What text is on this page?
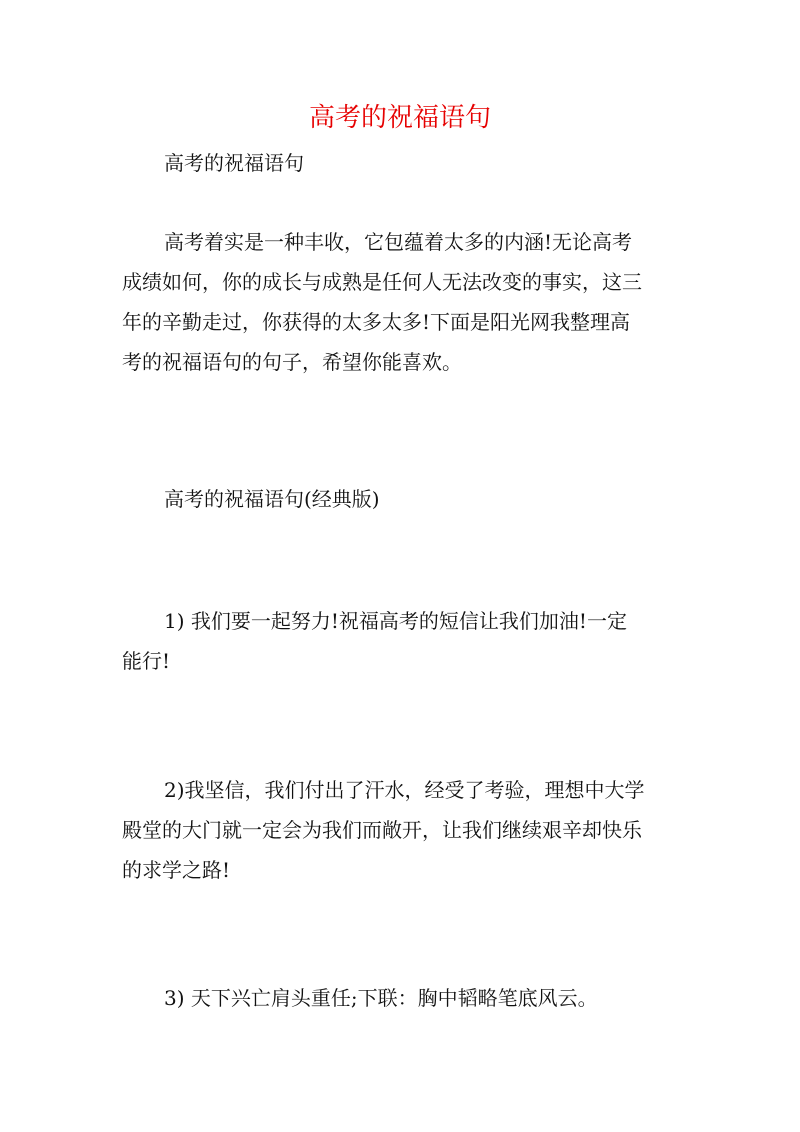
高考的祝福语句

高考的祝福语句

高考着实是一种丰收，它包蕴着太多的内涵!无论高考
成绩如何，你的成长与成熟是任何人无法改变的事实，这三
年的辛勤走过，你获得的太多太多!下面是阳光网我整理高
考的祝福语句的句子，希望你能喜欢。

高考的祝福语句(经典版)

1) 我们要一起努力!祝福高考的短信让我们加油!一定
能行!

2)我坚信，我们付出了汗水，经受了考验，理想中大学
殿堂的大门就一定会为我们而敞开，让我们继续艰辛却快乐
的求学之路!

3) 天下兴亡肩头重任;下联：胸中韬略笔底风云。
